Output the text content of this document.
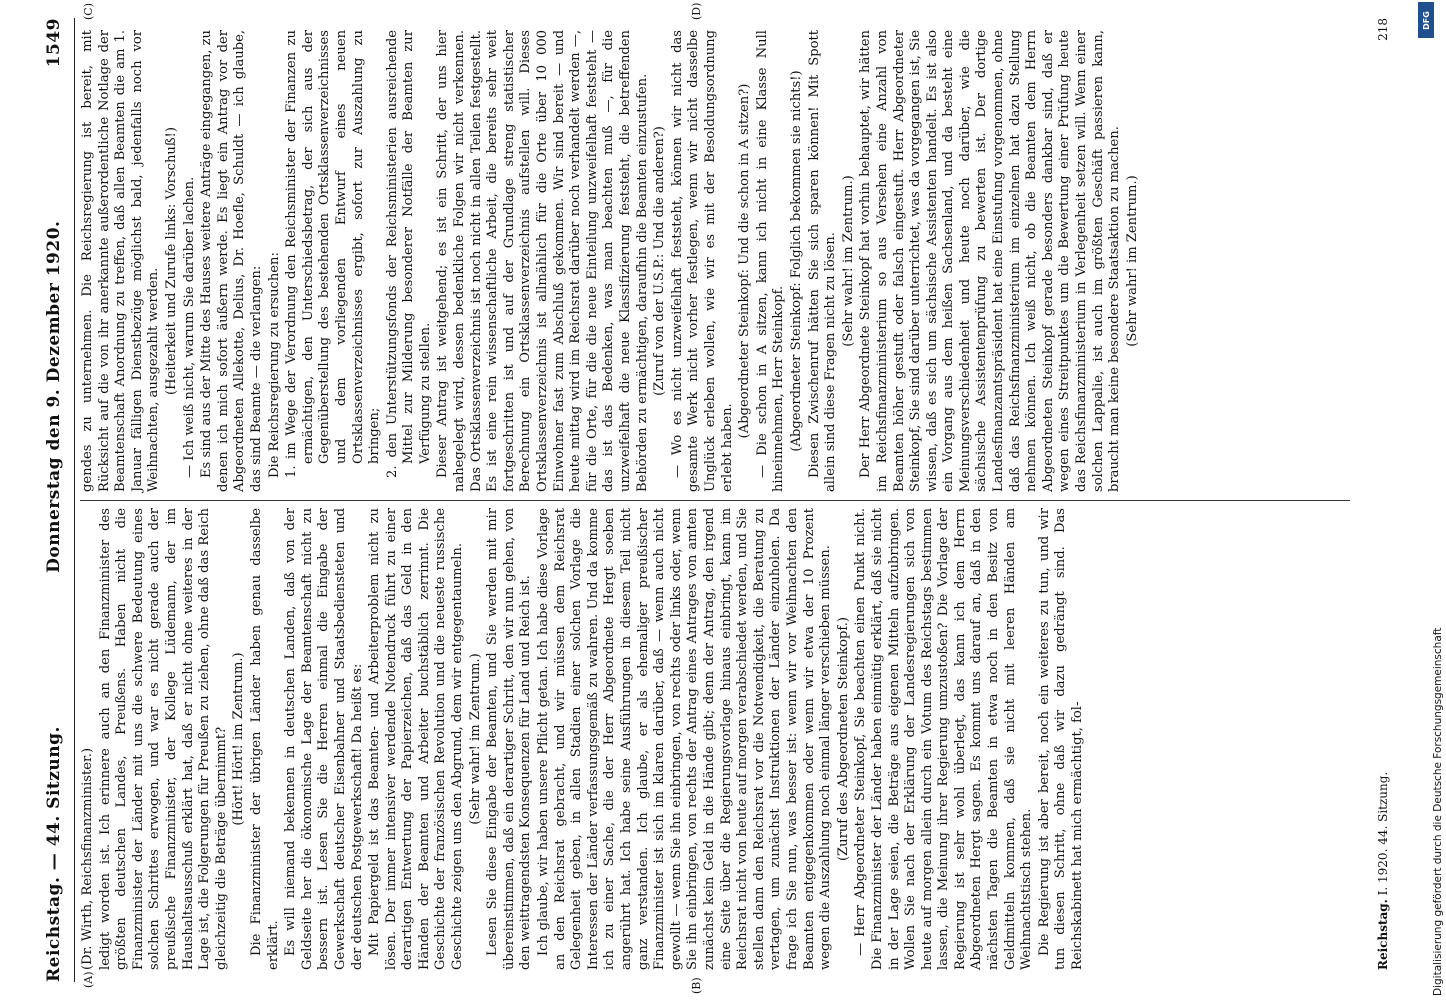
Reichstag. — 44. Sitzung.
Donnerstag den 9. Dezember 1920.
1549
(A)	(B)
(C)	(D)

(Dr. Wirth, Reichsfinanzminister.) ledigt worden ist. Ich erinnere auch an den Finanzminister des größten deutschen Landes, Preußens. Haben nicht die Finanzminister der Länder mit uns die schwere Bedeutung eines solchen Schrittes erwogen, und war es nicht gerade auch der preußische Finanzminister, der Kollege Lüdemann, der im Haushaltsausschuß erklärt hat, daß er nicht ohne weiteres in der Lage ist, die Folgerungen für Preußen zu ziehen, ohne daß das Reich gleichzeitig die Beträge übernimmt? (Hört! Hört! im Zentrum.) Die Finanzminister der übrigen Länder haben genau dasselbe erklärt. Es will niemand bekennen in deutschen Landen, daß von der Geldseite her die ökonomische Lage der Beamtenschaft nicht zu bessern ist. Lesen Sie die Herren einmal die Eingabe der Gewerkschaft deutscher Eisenbahner und Staatsbediensteten und der deutschen Postgewerkschaft! Da heißt es: Mit Papiergeld ist das Beamten- und Arbeiterproblem nicht zu lösen. Der immer intensiver werdende Notendruck führt zu einer derartigen Entwertung der Papierzeichen, daß das Geld in den Händen der Beamten und Arbeiter buchstäblich zerrinnt. Die Geschichte der französischen Revolution und die neueste russische Geschichte zeigen uns den Abgrund, dem wir entgegentaumeln. (Sehr wahr! im Zentrum.) Lesen Sie diese Eingabe der Beamten, und Sie werden mit mir übereinstimmen, daß ein derartiger Schritt, den wir nun gehen, von den weittragendsten Konsequenzen für Land und Reich ist. Ich glaube, wir haben unsere Pflicht getan. Ich habe diese Vorlage an den Reichsrat gebracht, und wir müssen dem Reichsrat Gelegenheit geben, in allen Stadien einer solchen Vorlage die Interessen der Länder verfassungsgemäß zu wahren. Und da komme ich zu einer Sache, die der Herr Abgeordnete Hergt soeben angerührt hat. Ich habe seine Ausführungen in diesem Teil nicht ganz verstanden. Ich glaube, er als ehemaliger preußischer Finanzminister ist sich im klaren darüber, daß — wenn auch nicht gewollt — wenn Sie ihn einbringen, von rechts oder links oder, wenn Sie ihn einbringen, von rechts der Antrag eines Antrages von amten zunächst kein Geld in die Hände gibt; denn der Antrag, den irgend eine Seite über die Regierungsvorlage hinaus einbringt, kann im Reichsrat nicht von heute auf morgen verabschiedet werden, und Sie stellen dann den Reichsrat vor die Notwendigkeit, die Beratung zu vertagen, um zunächst Instruktionen der Länder einzuholen. Da frage ich Sie nun, was besser ist: wenn wir vor Weihnachten den Beamten entgegenkommen oder wenn wir etwa der 10 Prozent wegen die Auszahlung noch einmal länger verschieben müssen. (Zuruf des Abgeordneten Steinkopf.) — Herr Abgeordneter Steinkopf, Sie beachten einen Punkt nicht. Die Finanzminister der Länder haben einmütig erklärt, daß sie nicht in der Lage seien, die Beträge aus eigenen Mitteln aufzubringen. Wollen Sie nach der Erklärung der Landesregierungen sich von heute auf morgen allein durch ein Votum des Reichstags bestimmen lassen, die Meinung ihrer Regierung umzustoßen? Die Vorlage der Regierung ist sehr wohl überlegt, das kann ich dem Herrn Abgeordneten Hergt sagen. Es kommt uns darauf an, daß in den nächsten Tagen die Beamten in etwa noch in den Besitz von Geldmitteln kommen, daß sie nicht mit leeren Händen am Weihnachtstisch stehen. Die Regierung ist aber bereit, noch ein weiteres zu tun, und wir tun diesen Schritt, ohne daß wir dazu gedrängt sind. Das Reichskabinett hat mich ermächtigt, fol-

gendes zu unternehmen. Die Reichsregierung ist bereit, mit Rücksicht auf die von ihr anerkannte außerordentliche Notlage der Beamtenschaft Anordnung zu treffen, daß allen Beamten die am 1. Januar fälligen Dienstbezüge möglichst bald, jedenfalls noch vor Weihnachten, ausgezahlt werden. (Heiterkeit und Zurufe links: Vorschuß!) — Ich weiß nicht, warum Sie darüber lachen. Es sind aus der Mitte des Hauses weitere Anträge eingegangen, zu denen ich mich sofort äußern werde. Es liegt ein Antrag vor der Abgeordneten Allekotte, Delius, Dr. Hoefle, Schuldt — ich glaube, das sind Beamte — die verlangen: Die Reichsregierung zu ersuchen: 1. im Wege der Verordnung den Reichsminister der Finanzen zu ermächtigen, den Unterschiedsbetrag, der sich aus der Gegenüberstellung des bestehenden Ortsklassenverzeichnisses und dem vorliegenden Entwurf eines neuen Ortsklassenverzeichnisses ergibt, sofort zur Auszahlung zu bringen; 2. den Unterstützungsfonds der Reichsministerien ausreichende Mittel zur Milderung besonderer Notfälle der Beamten zur Verfügung zu stellen. Dieser Antrag ist weitgehend; es ist ein Schritt, der uns hier nahegelegt wird, dessen bedenkliche Folgen wir nicht verkennen. Das Ortsklassenverzeichnis ist noch nicht in allen Teilen festgestellt. Es ist eine rein wissenschaftliche Arbeit, die bereits sehr weit fortgeschritten ist und auf der Grundlage streng statistischer Berechnung ein Ortsklassenverzeichnis aufstellen will. Dieses Ortsklassenverzeichnis ist allmählich für die Orte über 10 000 Einwohner fast zum Abschluß gekommen. Wir sind bereit — und heute mittag wird im Reichsrat darüber noch verhandelt werden —, für die Orte, für die die neue Einteilung unzweifelhaft feststeht — das ist das Bedenken, was man beachten muß —, für die unzweifelhaft die neue Klassifizierung feststeht, die betreffenden Behörden zu ermächtigen, daraufhin die Beamten einzustufen. (Zuruf von der U.S.P.: Und die anderen?) — Wo es nicht unzweifelhaft feststeht, können wir nicht das gesamte Werk nicht vorher festlegen, wenn wir nicht dasselbe Unglück erleben wollen, wie wir es mit der Besoldungsordnung erlebt haben.

(Abgeordneter Steinkopf: Und die schon in A sitzen?) — Die schon in A sitzen, kann ich nicht in eine Klasse Null hineinnehmen, Herr Steinkopf. (Abgeordneter Steinkopf: Folglich bekommen sie nichts!) Diesen Zwischenruf hätten Sie sich sparen können! Mit Spott allein sind diese Fragen nicht zu lösen. (Sehr wahr! im Zentrum.) Der Herr Abgeordnete Steinkopf hat vorhin behauptet, wir hätten im Reichsfinanzministerium so aus Versehen eine Anzahl von Beamten höher gestuft oder falsch eingestuft. Herr Abgeordneter Steinkopf, Sie sind darüber unterrichtet, was da vorgegangen ist, Sie wissen, daß es sich um sächsische Assistenten handelt. Es ist also ein Vorgang aus dem heißen Sachsenland, und da besteht eine Meinungsverschiedenheit und heute noch darüber, wie die sächsische Assistentenprüfung zu bewerten ist. Der dortige Landesfinanzamtspräsident hat eine Einstufung vorgenommen, ohne daß das Reichsfinanzministerium im einzelnen hat dazu Stellung nehmen können. Ich weiß nicht, ob die Beamten dem Herrn Abgeordneten Steinkopf gerade besonders dankbar sind, daß er wegen eines Streitpunktes um die Bewertung einer Prüfung heute das Reichsfinanzministerium in Verlegenheit setzen will. Wenn einer solchen Lappalie, ist auch im größten Geschäft passieren kann, braucht man keine besondere Staatsaktion zu machen. (Sehr wahr! im Zentrum.)

Reichstag. I. 1920. 44. Sitzung.
218	DFG
Digitalisierung gefördert durch die Deutsche Forschungsgemeinschaft
